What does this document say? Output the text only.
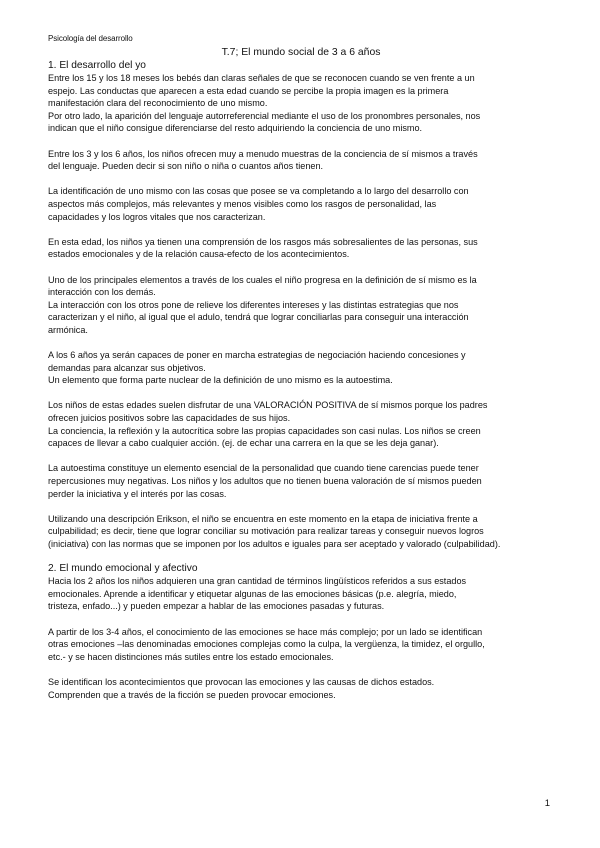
Psicología del desarrollo
T.7; El mundo social de 3 a 6 años
1. El desarrollo del yo
Entre los 15 y los 18 meses los bebés dan claras señales de que se reconocen cuando se ven frente a un
espejo. Las conductas que aparecen a esta edad cuando se percibe la propia imagen es la primera
manifestación clara del reconocimiento de uno mismo.
Por otro lado, la aparición del lenguaje autorreferencial mediante el uso de los pronombres personales, nos
indican que el niño consigue diferenciarse del resto adquiriendo la conciencia de uno mismo.
Entre los 3 y los 6 años, los niños ofrecen muy a menudo muestras de la conciencia de sí mismos a través
del lenguaje. Pueden decir si son niño o niña o cuantos años tienen.
La identificación de uno mismo con las cosas que posee se va completando a lo largo del desarrollo con
aspectos más complejos, más relevantes y menos visibles como los rasgos de personalidad, las
capacidades y los logros vitales que nos caracterizan.
En esta edad, los niños ya tienen una comprensión de los rasgos más sobresalientes de las personas, sus
estados emocionales y de la relación causa-efecto de los acontecimientos.
Uno de los principales elementos a través de los cuales el niño progresa en la definición de sí mismo es la
interacción con los demás.
La interacción con los otros pone de relieve los diferentes intereses y las distintas estrategias que nos
caracterizan y el niño, al igual que el adulo, tendrá que lograr conciliarlas para conseguir una interacción
armónica.
A los 6 años ya serán capaces de poner en marcha estrategias de negociación haciendo concesiones y
demandas para alcanzar sus objetivos.
Un elemento que forma parte nuclear de la definición de uno mismo es la autoestima.
Los niños de estas edades suelen disfrutar de una VALORACIÓN POSITIVA de sí mismos porque los padres
ofrecen juicios positivos sobre las capacidades de sus hijos.
La conciencia, la reflexión y la autocrítica sobre las propias capacidades son casi nulas. Los niños se creen
capaces de llevar a cabo cualquier acción. (ej. de echar una carrera en la que se les deja ganar).
La autoestima constituye un elemento esencial de la personalidad que cuando tiene carencias puede tener
repercusiones muy negativas. Los niños y los adultos que no tienen buena valoración de sí mismos pueden
perder la iniciativa y el interés por las cosas.
Utilizando una descripción Erikson, el niño se encuentra en este momento en la etapa de iniciativa frente a
culpabilidad; es decir, tiene que lograr conciliar su motivación para realizar tareas y conseguir nuevos logros
(iniciativa) con las normas que se imponen por los adultos e iguales para ser aceptado y valorado (culpabilidad).
2. El mundo emocional y afectivo
Hacia los 2 años los niños adquieren una gran cantidad de términos lingüísticos referidos a sus estados
emocionales. Aprende a identificar y etiquetar algunas de las emociones básicas (p.e. alegría, miedo,
tristeza, enfado...) y pueden empezar a hablar de las emociones pasadas y futuras.
A partir de los 3-4 años, el conocimiento de las emociones se hace más complejo; por un lado se identifican
otras emociones –las denominadas emociones complejas como la culpa, la vergüenza, la timidez, el orgullo,
etc.- y se hacen distinciones más sutiles entre los estado emocionales.
Se identifican los acontecimientos que provocan las emociones y las causas de dichos estados.
Comprenden que a través de la ficción se pueden provocar emociones.
1
